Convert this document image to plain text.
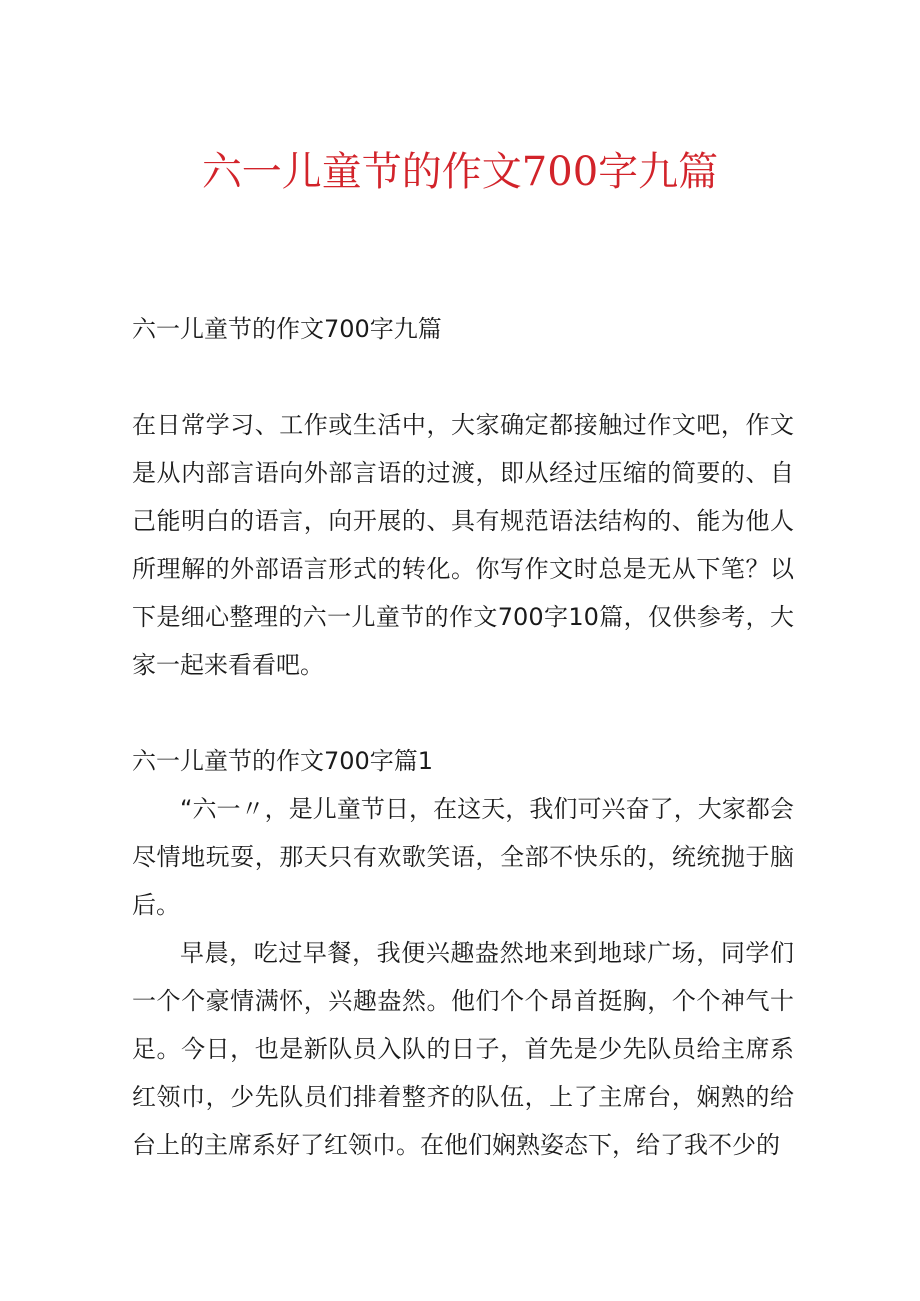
六一儿童节的作文700字九篇

六一儿童节的作文700字九篇

在日常学习、工作或生活中，大家确定都接触过作文吧，作文是从内部言语向外部言语的过渡，即从经过压缩的简要的、自己能明白的语言，向开展的、具有规范语法结构的、能为他人所理解的外部语言形式的转化。你写作文时总是无从下笔？以下是细心整理的六一儿童节的作文700字10篇，仅供参考，大家一起来看看吧。

六一儿童节的作文700字篇1

“六一〃，是儿童节日，在这天，我们可兴奋了，大家都会尽情地玩耍，那天只有欢歌笑语，全部不快乐的，统统抛于脑后。

早晨，吃过早餐，我便兴趣盎然地来到地球广场，同学们一个个豪情满怀，兴趣盎然。他们个个昂首挺胸，个个神气十足。今日，也是新队员入队的日子，首先是少先队员给主席系红领巾，少先队员们排着整齐的队伍，上了主席台，娴熟的给台上的主席系好了红领巾。在他们娴熟姿态下，给了我不少的
